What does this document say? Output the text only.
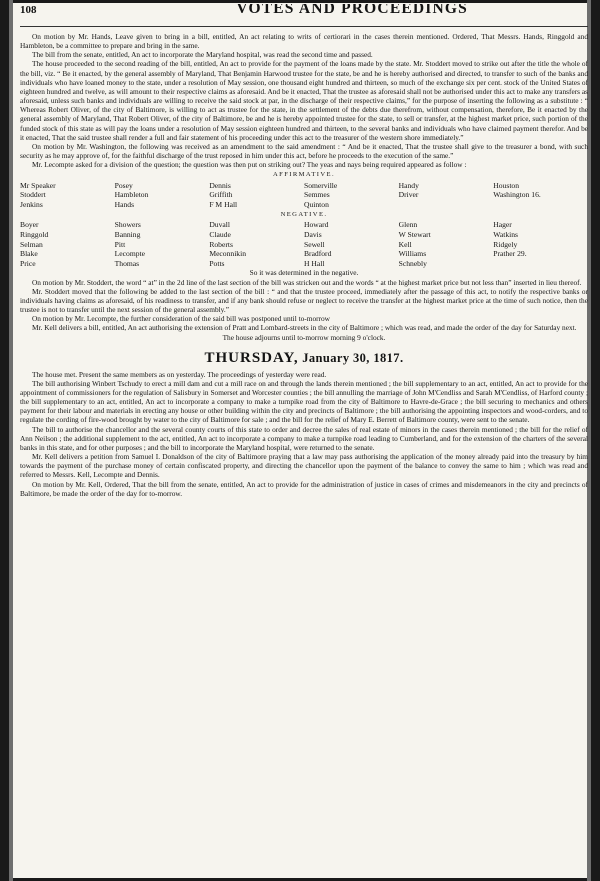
108	VOTES AND PROCEEDINGS

On motion by Mr. Hands, Leave given to bring in a bill, entitled, An act relating to writs of certiorari in the cases therein mentioned. Ordered, That Messrs. Hands, Ringgold and Hambleton, be a committee to prepare and bring in the same.

The bill from the senate, entitled, An act to incorporate the Maryland hospital, was read the second time and passed.

The house proceeded to the second reading of the bill, entitled, An act to provide for the payment of the loans made by the state. Mr. Stoddert moved to strike out after the title the whole of the bill, viz. “ Be it enacted, by the general assembly of Maryland, That Benjamin Harwood trustee for the state, be and he is hereby authorised and directed, to transfer to such of the banks and individuals who have loaned money to the state, under a resolution of May session, one thousand eight hundred and thirteen, so much of the exchange six per cent. stock of the United States of eighteen hundred and twelve, as will amount to their respective claims as aforesaid. And be it enacted, That the trustee as aforesaid shall not be authorised under this act to make any transfers as aforesaid, unless such banks and individuals are willing to receive the said stock at par, in the discharge of their respective claims,” for the purpose of inserting the following as a substitute : “ Whereas Robert Oliver, of the city of Baltimore, is willing to act as trustee for the state, in the settlement of the debts due therefrom, without compensation, therefore, Be it enacted by the general assembly of Maryland, That Robert Oliver, of the city of Baltimore, be and he is hereby appointed trustee for the state, to sell or transfer, at the highest market price, such portion of the funded stock of this state as will pay the loans under a resolution of May session eighteen hundred and thirteen, to the several banks and individuals who have claimed payment therefor. And be it enacted, That the said trustee shall render a full and fair statement of his proceeding under this act to the treasurer of the western shore immediately.”

On motion by Mr. Washington, the following was received as an amendment to the said amendment : “ And be it enacted, That the trustee shall give to the treasurer a bond, with such security as he may approve of, for the faithful discharge of the trust reposed in him under this act, before he proceeds to the execution of the same.”

Mr. Lecompte asked for a division of the question; the question was then put on striking out? The yeas and nays being required appeared as follow :

AFFIRMATIVE.
Mr Speaker	Posey	Dennis	Somerville	Handy	Houston
Stoddert	Hambleton	Griffith	Semmes	Driver	Washington 16.
Jenkins	Hands	F M Hall	Quinton		
NEGATIVE.
Boyer	Showers	Duvall	Howard	Glenn	Hager
Ringgold	Banning	Claude	Davis	W Stewart	Watkins
Selman	Pitt	Roberts	Sewell	Kell	Ridgely
Blake	Lecompte	Meconnikin	Bradford	Williams	Prather 29.
Price	Thomas	Potts	H Hall	Schnebly	

So it was determined in the negative.

On motion by Mr. Stoddert, the word “ at” in the 2d line of the last section of the bill was stricken out and the words “ at the highest market price but not less than” inserted in lieu thereof.

Mr. Stoddert moved that the following be added to the last section of the bill : “ and that the trustee proceed, immediately after the passage of this act, to notify the respective banks or individuals having claims as aforesaid, of his readiness to transfer, and if any bank should refuse or neglect to receive the transfer at the highest market price at the time of such notice, then the trustee is not to transfer until the next session of the general assembly.”

On motion by Mr. Lecompte, the further consideration of the said bill was postponed until to-morrow

Mr. Kell delivers a bill, entitled, An act authorising the extension of Pratt and Lombard-streets in the city of Baltimore ; which was read, and made the order of the day for Saturday next.

The house adjourns until to-morrow morning 9 o'clock.

THURSDAY, January 30, 1817.

The house met. Present the same members as on yesterday. The proceedings of yesterday were read.

The bill authorising Winbert Tschudy to erect a mill dam and cut a mill race on and through the lands therein mentioned ; the bill supplementary to an act, entitled, An act to provide for the appointment of commissioners for the regulation of Salisbury in Somerset and Worcester counties ; the bill annulling the marriage of John M'Cendliss and Sarah M'Cendliss, of Harford county ; the bill supplementary to an act, entitled, An act to incorporate a company to make a turnpike road from the city of Baltimore to Havre-de-Grace ; the bill securing to mechanics and others payment for their labour and materials in erecting any house or other building within the city and precincts of Baltimore ; the bill authorising the appointing inspectors and wood-corders, and to regulate the cording of fire-wood brought by water to the city of Baltimore for sale ; and the bill for the relief of Mary E. Berrett of Baltimore county, were sent to the senate.

The bill to authorise the chancellor and the several county courts of this state to order and decree the sales of real estate of minors in the cases therein mentioned ; the bill for the relief of Ann Neilson ; the additional supplement to the act, entitled, An act to incorporate a company to make a turnpike road leading to Cumberland, and for the extension of the charters of the several banks in this state, and for other purposes ; and the bill to incorporate the Maryland hospital, were returned to the senate.

Mr. Kell delivers a petition from Samuel I. Donaldson of the city of Baltimore praying that a law may pass authorising the application of the money already paid into the treasury by him towards the payment of the purchase money of certain confiscated property, and directing the chancellor upon the payment of the balance to convey the same to him ; which was read and referred to Messrs. Kell, Lecompte and Dennis.

On motion by Mr. Kell, Ordered, That the bill from the senate, entitled, An act to provide for the administration of justice in cases of crimes and misdemeanors in the city and precincts of Baltimore, be made the order of the day for to-morrow.
